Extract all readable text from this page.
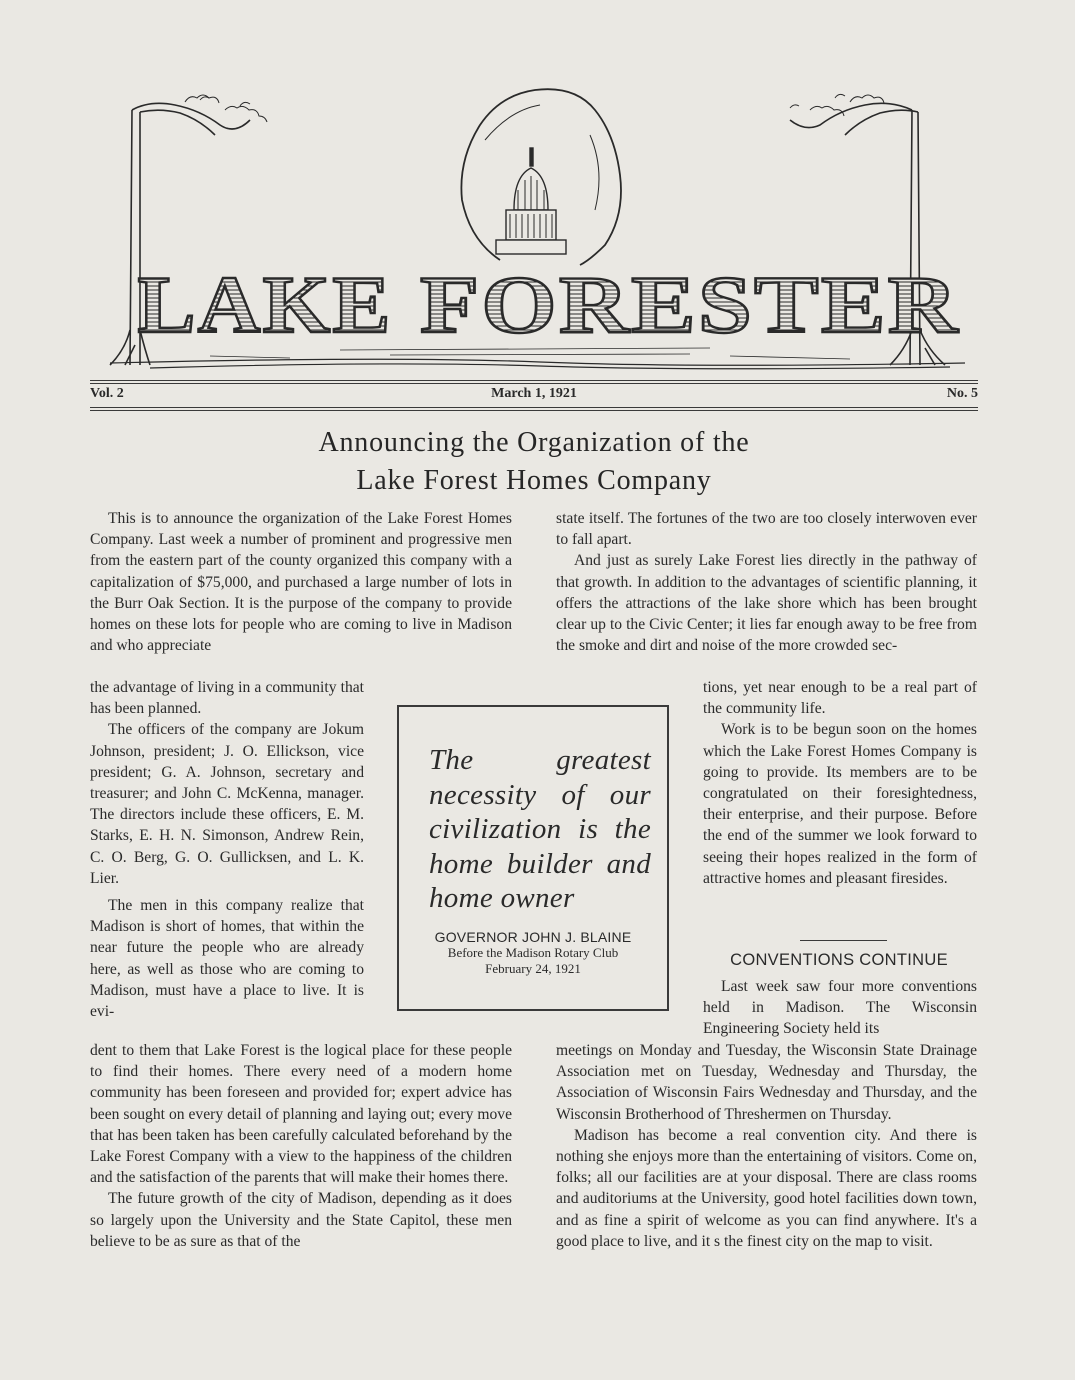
LAKE FORESTER
Vol. 2	March 1, 1921	No. 5
Announcing the Organization of the
Lake Forest Homes Company

This is to announce the organization of the Lake Forest Homes Company. Last week a number of prominent and progressive men from the eastern part of the county organized this company with a capitalization of $75,000, and purchased a large number of lots in the Burr Oak Section. It is the purpose of the company to provide homes on these lots for people who are coming to live in Madison and who appreciate

the advantage of living in a community that has been planned.

The officers of the company are Jokum Johnson, president; J. O. Ellickson, vice president; G. A. Johnson, secretary and treasurer; and John C. McKenna, manager. The directors include these officers, E. M. Starks, E. H. N. Simonson, Andrew Rein, C. O. Berg, G. O. Gullicksen, and L. K. Lier.

The men in this company realize that Madison is short of homes, that within the near future the people who are already here, as well as those who are coming to Madison, must have a place to live. It is evi-

dent to them that Lake Forest is the logical place for these people to find their homes. There every need of a modern home community has been foreseen and provided for; expert advice has been sought on every detail of planning and laying out; every move that has been taken has been carefully calculated beforehand by the Lake Forest Company with a view to the happiness of the children and the satisfaction of the parents that will make their homes there.

The future growth of the city of Madison, depending as it does so largely upon the University and the State Capitol, these men believe to be as sure as that of the

The greatest necessity of our civilization is the home builder and home owner
GOVERNOR JOHN J. BLAINE
Before the Madison Rotary Club
February 24, 1921

state itself. The fortunes of the two are too closely interwoven ever to fall apart.

And just as surely Lake Forest lies directly in the pathway of that growth. In addition to the advantages of scientific planning, it offers the attractions of the lake shore which has been brought clear up to the Civic Center; it lies far enough away to be free from the smoke and dirt and noise of the more crowded sec-

tions, yet near enough to be a real part of the community life.

Work is to be begun soon on the homes which the Lake Forest Homes Company is going to provide. Its members are to be congratulated on their foresightedness, their enterprise, and their purpose. Before the end of the summer we look forward to seeing their hopes realized in the form of attractive homes and pleasant firesides.

CONVENTIONS CONTINUE

Last week saw four more conventions held in Madison. The Wisconsin Engineering Society held its

meetings on Monday and Tuesday, the Wisconsin State Drainage Association met on Tuesday, Wednesday and Thursday, the Association of Wisconsin Fairs Wednesday and Thursday, and the Wisconsin Brotherhood of Threshermen on Thursday.

Madison has become a real convention city. And there is nothing she enjoys more than the entertaining of visitors. Come on, folks; all our facilities are at your disposal. There are class rooms and auditoriums at the University, good hotel facilities down town, and as fine a spirit of welcome as you can find anywhere. It's a good place to live, and it s the finest city on the map to visit.
